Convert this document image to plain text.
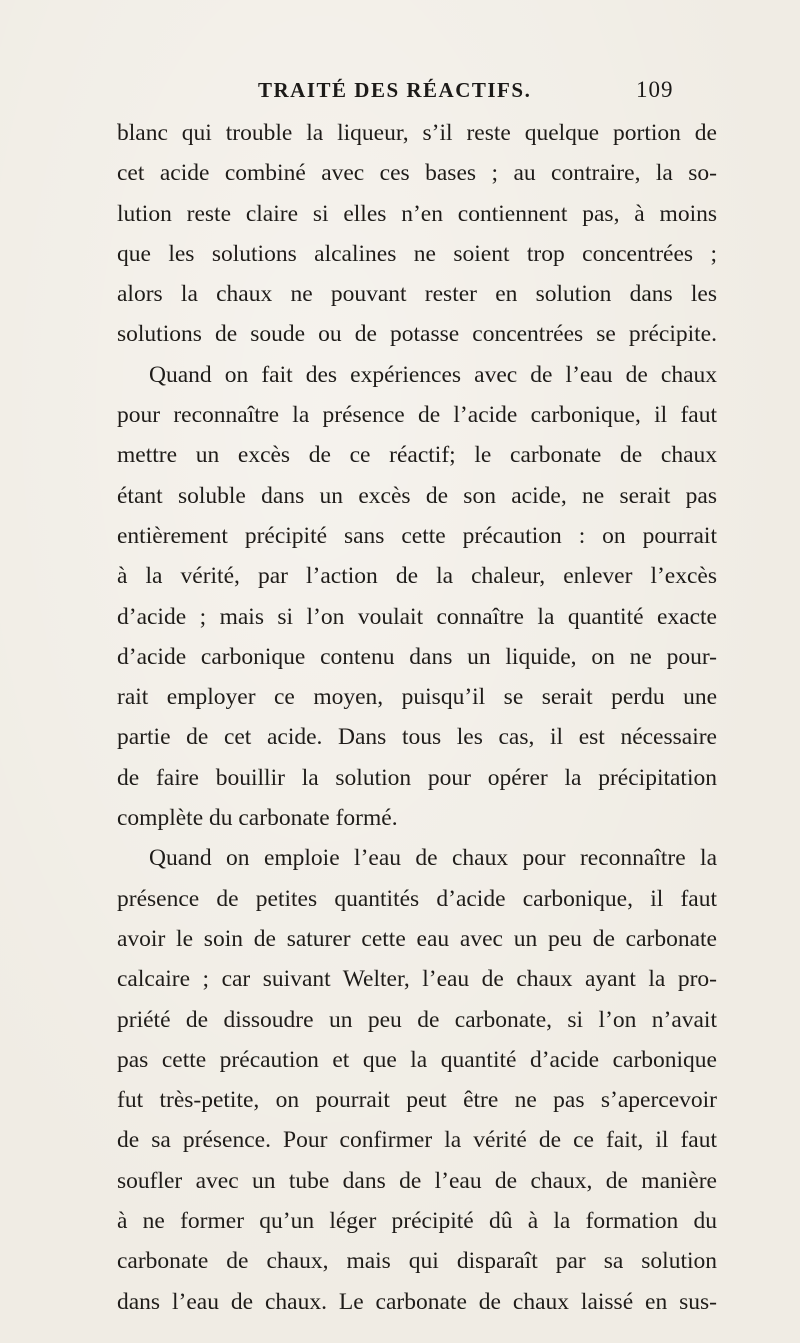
TRAITÉ DES RÉACTIFS.	109
blanc qui trouble la liqueur, s’il reste quelque portion de
cet acide combiné avec ces bases ; au contraire, la so-
lution reste claire si elles n’en contiennent pas, à moins
que les solutions alcalines ne soient trop concentrées ;
alors la chaux ne pouvant rester en solution dans les
solutions de soude ou de potasse concentrées se précipite.
Quand on fait des expériences avec de l’eau de chaux
pour reconnaître la présence de l’acide carbonique, il faut
mettre un excès de ce réactif; le carbonate de chaux
étant soluble dans un excès de son acide, ne serait pas
entièrement précipité sans cette précaution : on pourrait
à la vérité, par l’action de la chaleur, enlever l’excès
d’acide ; mais si l’on voulait connaître la quantité exacte
d’acide carbonique contenu dans un liquide, on ne pour-
rait employer ce moyen, puisqu’il se serait perdu une
partie de cet acide. Dans tous les cas, il est nécessaire
de faire bouillir la solution pour opérer la précipitation
complète du carbonate formé.
Quand on emploie l’eau de chaux pour reconnaître la
présence de petites quantités d’acide carbonique, il faut
avoir le soin de saturer cette eau avec un peu de carbonate
calcaire ; car suivant Welter, l’eau de chaux ayant la pro-
priété de dissoudre un peu de carbonate, si l’on n’avait
pas cette précaution et que la quantité d’acide carbonique
fut très-petite, on pourrait peut être ne pas s’apercevoir
de sa présence. Pour confirmer la vérité de ce fait, il faut
soufler avec un tube dans de l’eau de chaux, de manière
à ne former qu’un léger précipité dû à la formation du
carbonate de chaux, mais qui disparaît par sa solution
dans l’eau de chaux. Le carbonate de chaux laissé en sus-
